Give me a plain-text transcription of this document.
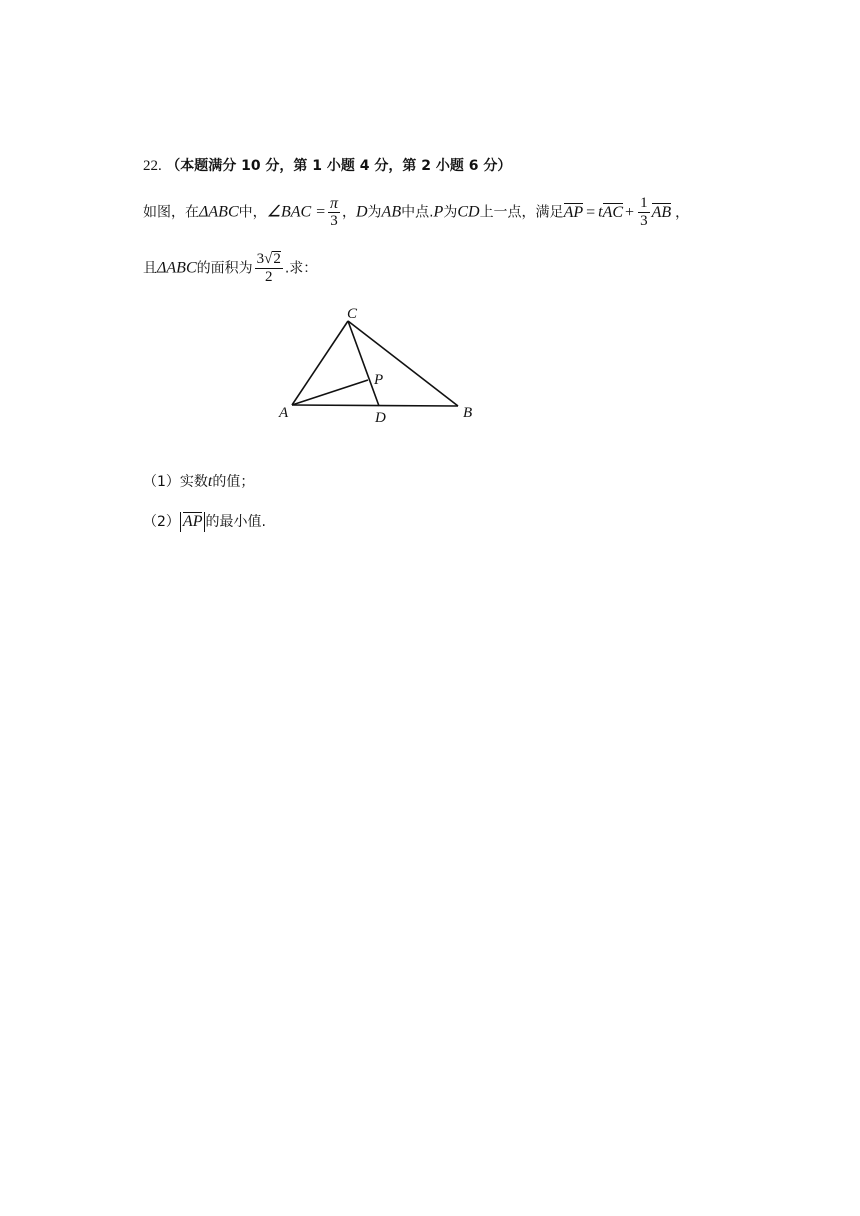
22. （本题满分 10 分，第 1 小题 4 分，第 2 小题 6 分）
如图，在ΔABC中，∠BAC = $\frac{\pi}{3}$ ，D为AB中点.P为CD上一点，满足AP = tAC + $\frac{1}{3}$ AB ，
且ΔABC的面积为 $\frac{3√2}{2}$ .求：
C
P
A	D	B
（1）实数t的值；
（2） AP 的最小值.
